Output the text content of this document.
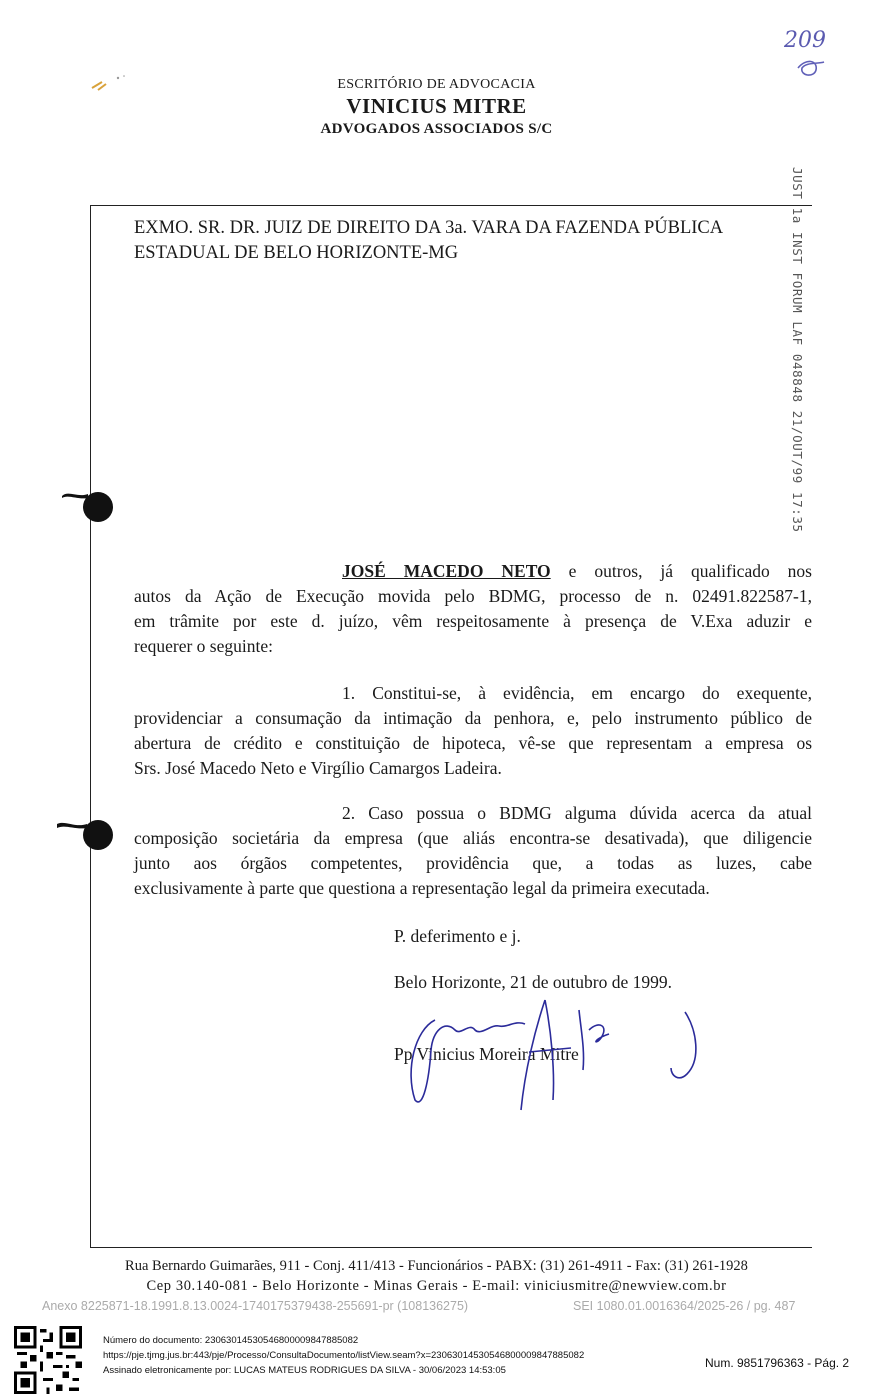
209
ESCRITÓRIO DE ADVOCACIA
VINICIUS MITRE
ADVOGADOS ASSOCIADOS S/C
JUST 1a INST FORUM LAF 048848 21/OUT/99 17:35
EXMO. SR. DR. JUIZ DE DIREITO DA 3a. VARA DA FAZENDA PÚBLICA
ESTADUAL DE BELO HORIZONTE-MG
JOSÉ MACEDO NETO e outros, já qualificado nos
autos da Ação de Execução movida pelo BDMG, processo de n. 02491.822587-1,
em trâmite por este d. juízo, vêm respeitosamente à presença de V.Exa aduzir e
requerer o seguinte:
1. Constitui-se, à evidência, em encargo do exequente,
providenciar a consumação da intimação da penhora, e, pelo instrumento público de
abertura de crédito e constituição de hipoteca, vê-se que representam a empresa os
Srs. José Macedo Neto e Virgílio Camargos Ladeira.
2. Caso possua o BDMG alguma dúvida acerca da atual
composição societária da empresa (que aliás encontra-se desativada), que diligencie
junto aos órgãos competentes, providência que, a todas as luzes, cabe
exclusivamente à parte que questiona a representação legal da primeira executada.
P. deferimento e j.
Belo Horizonte, 21 de outubro de 1999.
Pp Vinicius Moreira Mitre
Rua Bernardo Guimarães, 911 - Conj. 411/413 - Funcionários - PABX: (31) 261-4911 - Fax: (31) 261-1928
Cep 30.140-081 - Belo Horizonte - Minas Gerais - E-mail: viniciusmitre@newview.com.br
Anexo 8225871-18.1991.8.13.0024-1740175379438-255691-pr (108136275)	SEI 1080.01.0016364/2025-26 / pg. 487
Número do documento: 23063014530546800009847885082
https://pje.tjmg.jus.br:443/pje/Processo/ConsultaDocumento/listView.seam?x=23063014530546800009847885082
Assinado eletronicamente por: LUCAS MATEUS RODRIGUES DA SILVA - 30/06/2023 14:53:05
Num. 9851796363 - Pág. 2
